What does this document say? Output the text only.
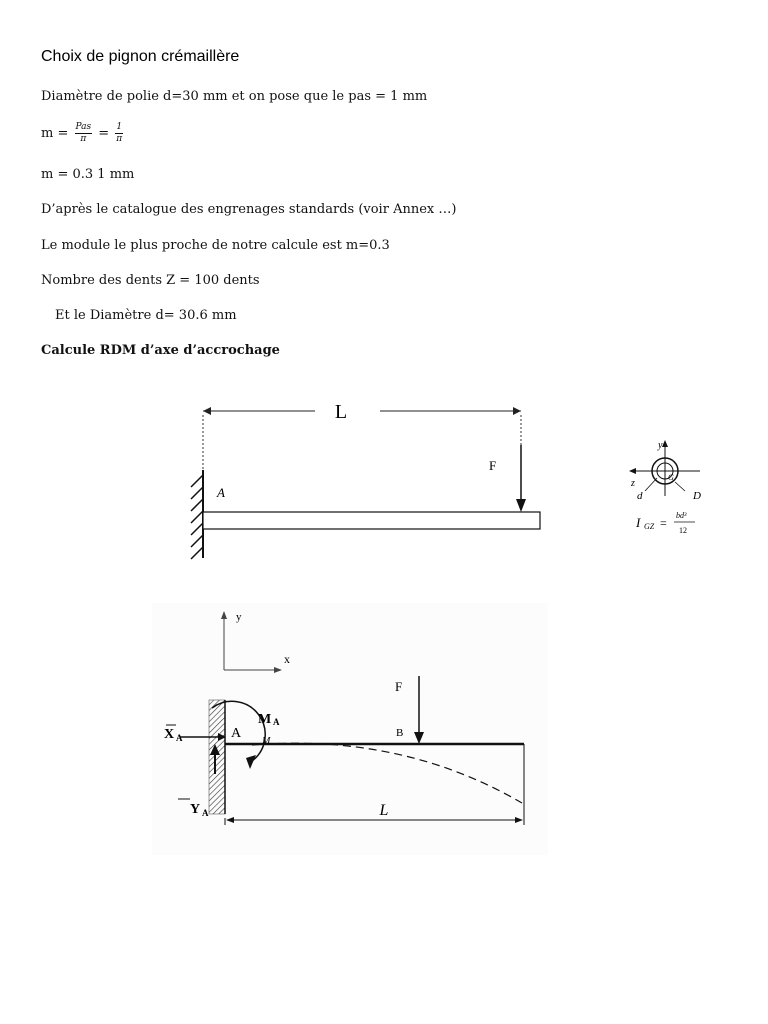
Choix de pignon crémaillère
Diamètre de polie d=30 mm et on pose que le pas = 1 mm
$m = \frac{\text{Pas}}{\pi} = \frac{1}{\pi}$
m = 0.3 1 mm
D’après le catalogue des engrenages standards (voir Annex …)
Le module le plus proche de notre calcule est m=0.3
Nombre des dents Z = 100 dents
Et le Diamètre d= 30.6 mm
Calcule RDM d’axe d’accrochage
L
A
F
y
z
G
d	D
I GZ =
bd³
12
y
x
M A
M
A
X A
Y A
F
B
L
